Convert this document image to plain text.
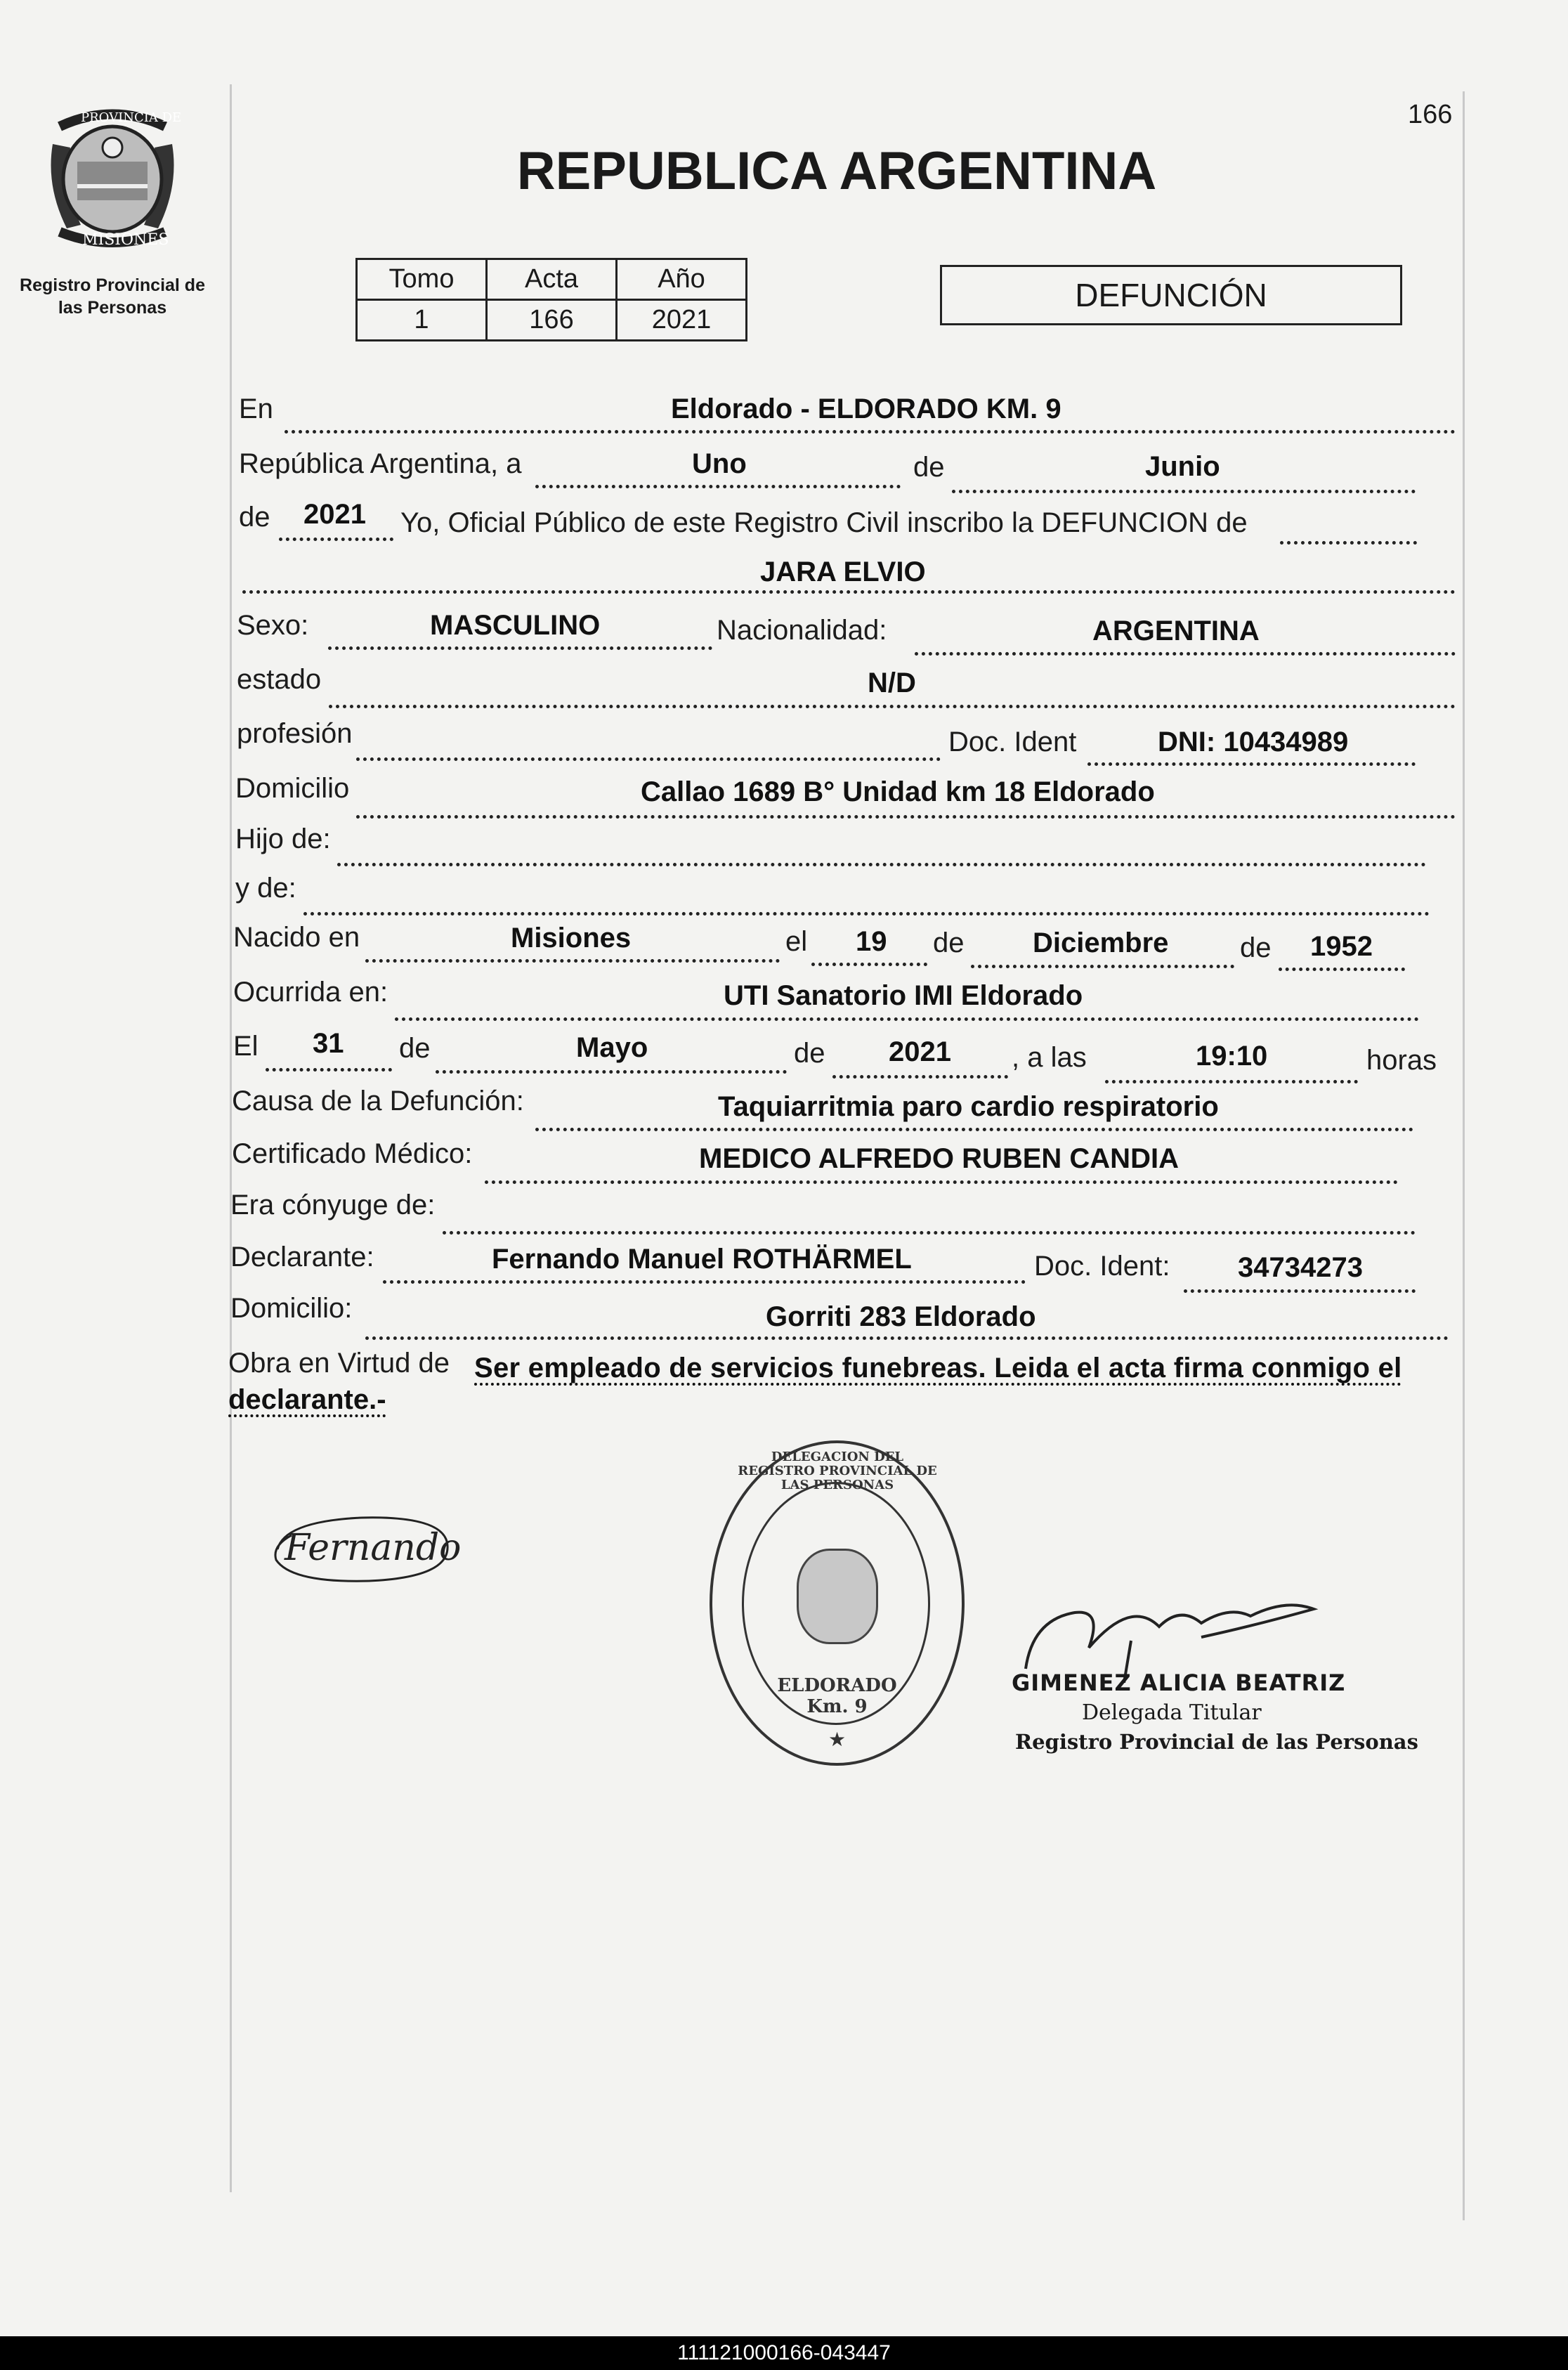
PROVINCIA DE
MISIONES
Registro Provincial de
las Personas
166
REPUBLICA ARGENTINA
Tomo	Acta	Año
1	166	2021
DEFUNCIÓN
En	Eldorado - ELDORADO KM. 9
República Argentina, a	Uno	de	Junio
de 2021 Yo, Oficial Público de este Registro Civil inscribo la DEFUNCION de
JARA ELVIO
Sexo:	MASCULINO	Nacionalidad:	ARGENTINA
estado	N/D
profesión	Doc. Ident	DNI: 10434989
Domicilio	Callao 1689 B° Unidad km 18 Eldorado
Hijo de:
y de:
Nacido en	Misiones	el 19 de Diciembre	de 1952
Ocurrida en:	UTI Sanatorio IMI Eldorado
El 31 de	Mayo	de 2021 , a las	19:10	horas
Causa de la Defunción:	Taquiarritmia paro cardio respiratorio
Certificado Médico:	MEDICO ALFREDO RUBEN CANDIA
Era cónyuge de:
Declarante:	Fernando Manuel ROTHÄRMEL	Doc. Ident: 34734273
Domicilio:	Gorriti 283 Eldorado
Obra en Virtud de Ser empleado de servicios funebreas. Leida el acta firma conmigo el
declarante.-
Fernando
DELEGACION DEL REGISTRO PROVINCIAL DE LAS PERSONAS
ELDORADO Km. 9
★
GIMENEZ ALICIA BEATRIZ
Delegada Titular
Registro Provincial de las Personas
111121000166-043447
